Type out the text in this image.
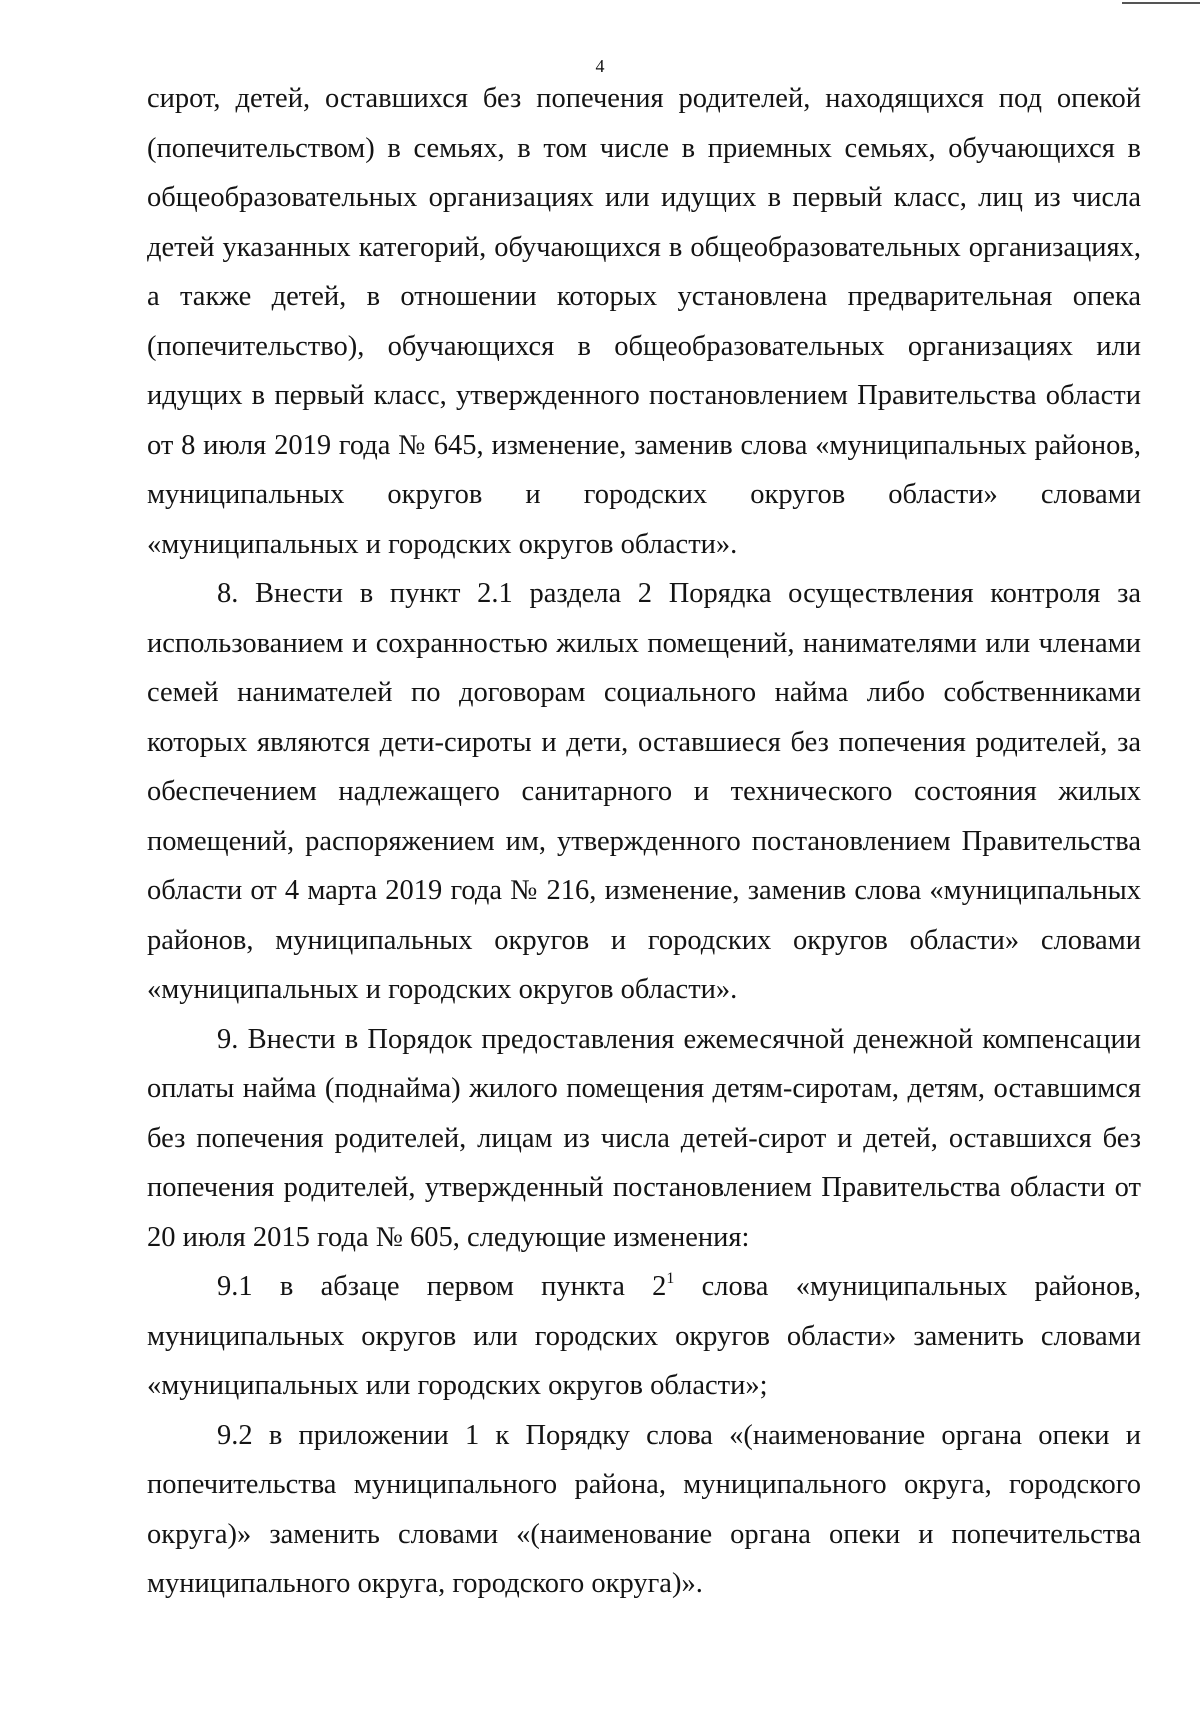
4

сирот, детей, оставшихся без попечения родителей, находящихся под опекой (попечительством) в семьях, в том числе в приемных семьях, обучающихся в общеобразовательных организациях или идущих в первый класс, лиц из числа детей указанных категорий, обучающихся в общеобразовательных организациях, а также детей, в отношении которых установлена предварительная опека (попечительство), обучающихся в общеобразовательных организациях или идущих в первый класс, утвержденного постановлением Правительства области от 8 июля 2019 года № 645, изменение, заменив слова «муниципальных районов, муниципальных округов и городских округов области» словами «муниципальных и городских округов области».

8. Внести в пункт 2.1 раздела 2 Порядка осуществления контроля за использованием и сохранностью жилых помещений, нанимателями или членами семей нанимателей по договорам социального найма либо собственниками которых являются дети-сироты и дети, оставшиеся без попечения родителей, за обеспечением надлежащего санитарного и технического состояния жилых помещений, распоряжением им, утвержденного постановлением Правительства области от 4 марта 2019 года № 216, изменение, заменив слова «муниципальных районов, муниципальных округов и городских округов области» словами «муниципальных и городских округов области».

9. Внести в Порядок предоставления ежемесячной денежной компенсации оплаты найма (поднайма) жилого помещения детям-сиротам, детям, оставшимся без попечения родителей, лицам из числа детей-сирот и детей, оставшихся без попечения родителей, утвержденный постановлением Правительства области от 20 июля 2015 года № 605, следующие изменения:

9.1 в абзаце первом пункта $2^1$ слова «муниципальных районов, муниципальных округов или городских округов области» заменить словами «муниципальных или городских округов области»;

9.2 в приложении 1 к Порядку слова «(наименование органа опеки и попечительства муниципального района, муниципального округа, городского округа)» заменить словами «(наименование органа опеки и попечительства муниципального округа, городского округа)».
